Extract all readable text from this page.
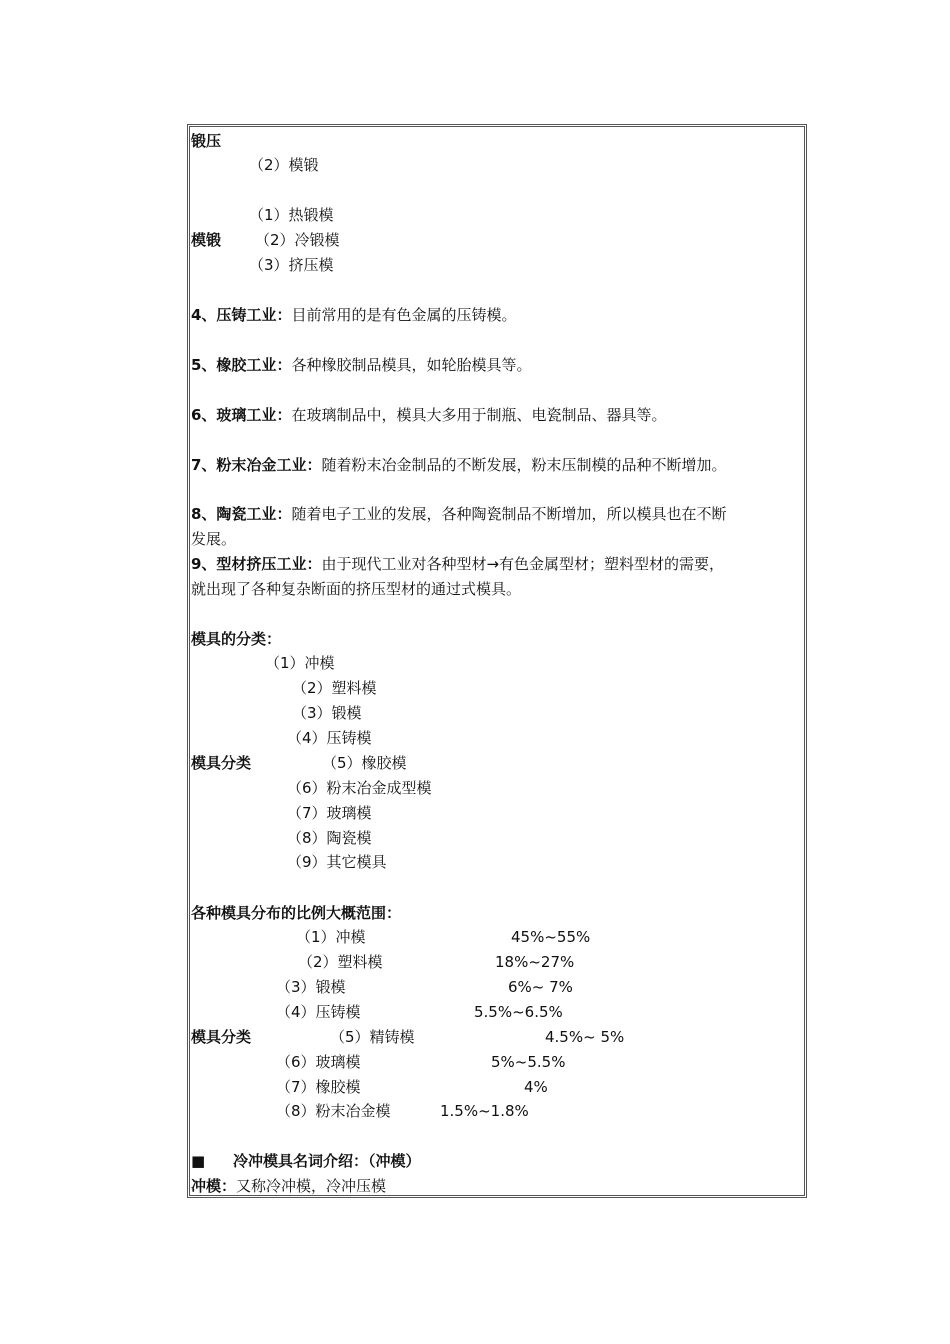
锻压
（2）模锻
（1）热锻模
模锻 （2）冷锻模
（3）挤压模
4、压铸工业：目前常用的是有色金属的压铸模。
5、橡胶工业：各种橡胶制品模具，如轮胎模具等。
6、玻璃工业：在玻璃制品中，模具大多用于制瓶、电瓷制品、器具等。
7、粉末冶金工业：随着粉末冶金制品的不断发展，粉末压制模的品种不断增加。
8、陶瓷工业：随着电子工业的发展，各种陶瓷制品不断增加，所以模具也在不断
发展。
9、型材挤压工业：由于现代工业对各种型材→有色金属型材；塑料型材的需要，
就出现了各种复杂断面的挤压型材的通过式模具。
模具的分类：
（1）冲模
（2）塑料模
（3）锻模
（4）压铸模
模具分类	（5）橡胶模
（6）粉末冶金成型模
（7）玻璃模
（8）陶瓷模
（9）其它模具
各种模具分布的比例大概范围：
（1）冲模	45%~55%
（2）塑料模	18%~27%
（3）锻模	6%~ 7%
（4）压铸模	5.5%~6.5%
模具分类	（5）精铸模	4.5%~ 5%
（6）玻璃模	5%~5.5%
（7）橡胶模	4%
（8）粉末冶金模	1.5%~1.8%
■ 冷冲模具名词介绍：（冲模）
冲模：又称冷冲模，冷冲压模
